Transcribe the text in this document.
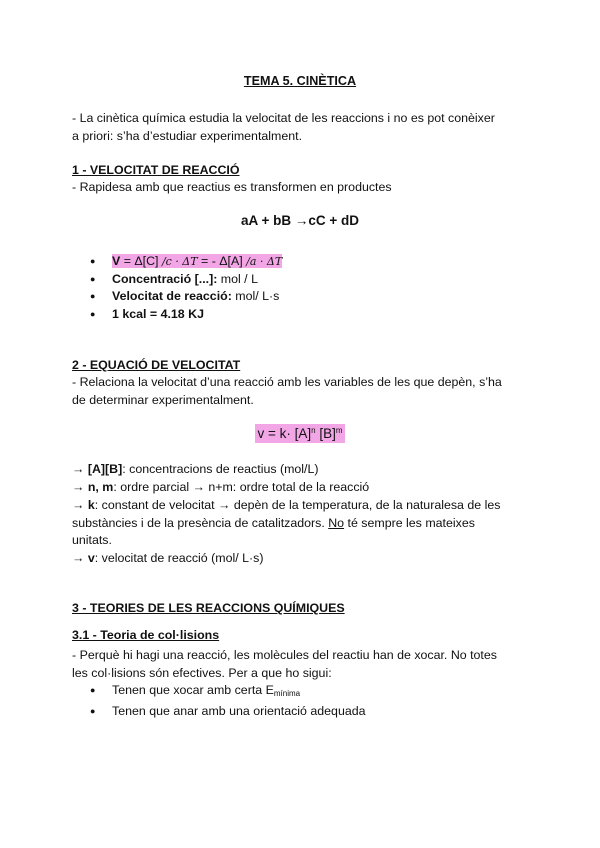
TEMA 5. CINÈTICA
- La cinètica química estudia la velocitat de les reaccions i no es pot conèixer
a priori: s’ha d’estudiar experimentalment.
1 - VELOCITAT DE REACCIÓ
- Rapidesa amb que reactius es transformen en productes
aA + bB →cC + dD
● V = Δ[C] /c · ΔT = - Δ[A] /a · ΔT
● Concentració [...]: mol / L
● Velocitat de reacció: mol/ L·s
● 1 kcal = 4.18 KJ
2 - EQUACIÓ DE VELOCITAT
- Relaciona la velocitat d’una reacció amb les variables de les que depèn, s’ha
de determinar experimentalment.
$v = k\cdot [A]^n$ $[B]^m$
→ [A][B]: concentracions de reactius (mol/L)
→ n, m: ordre parcial → n+m: ordre total de la reacció
→ k: constant de velocitat → depèn de la temperatura, de la naturalesa de les
substàncies i de la presència de catalitzadors. No té sempre les mateixes
unitats.
→ v: velocitat de reacció (mol/ L·s)
3 - TEORIES DE LES REACCIONS QUÍMIQUES
3.1 - Teoria de col·lisions
- Perquè hi hagi una reacció, les molècules del reactiu han de xocar. No totes
les col·lisions són efectives. Per a que ho sigui:
● Tenen que xocar amb certa $E_{mínima}$
● Tenen que anar amb una orientació adequada
